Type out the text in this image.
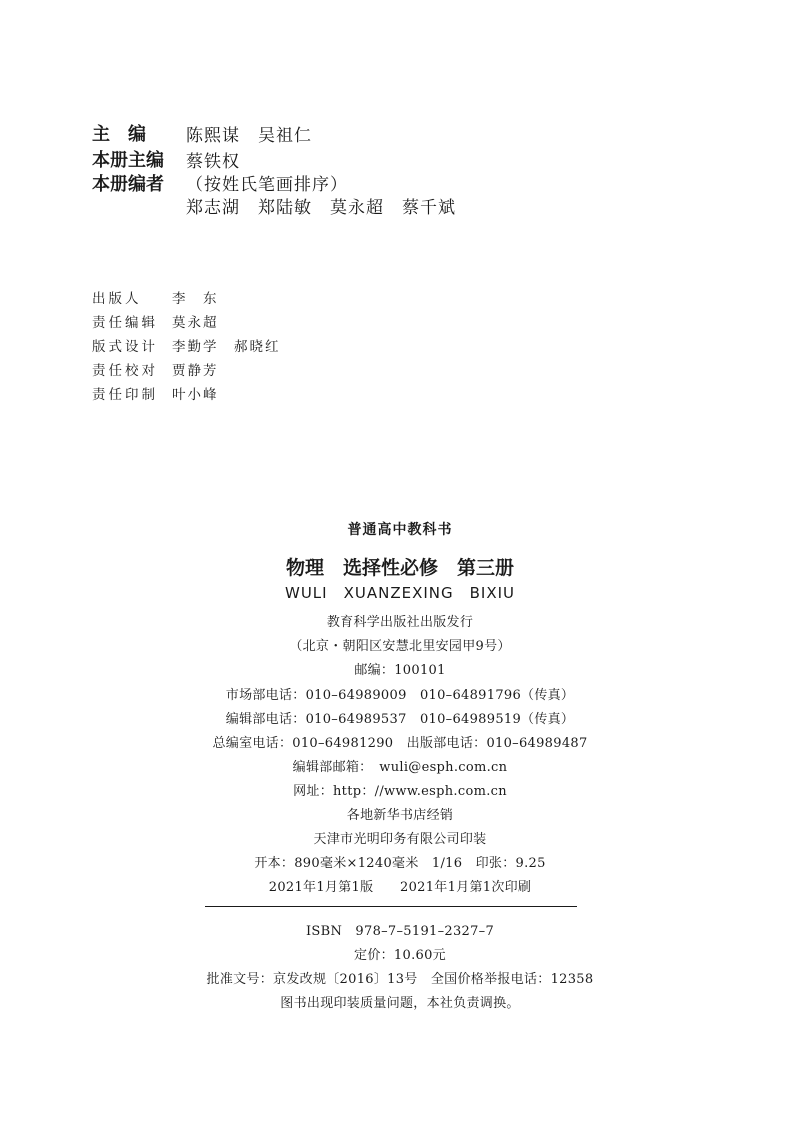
主　编 陈熙谋　吴祖仁
本册主编 蔡铁权
本册编者 （按姓氏笔画排序）
郑志湖　郑陆敏　莫永超　蔡千斌
出版人 李　东
责任编辑 莫永超
版式设计 李勤学　郝晓红
责任校对 贾静芳
责任印制 叶小峰
普通高中教科书
物理　选择性必修　第三册
WULI　XUANZEXING　BIXIU
教育科学出版社出版发行
（北京・朝阳区安慧北里安园甲9号）
邮编：100101
市场部电话：010–64989009　010–64891796（传真）
编辑部电话：010–64989537　010–64989519（传真）
总编室电话：010–64981290　出版部电话：010–64989487
编辑部邮箱：　wuli@esph.com.cn
网址：http：//www.esph.com.cn
各地新华书店经销
天津市光明印务有限公司印装
开本：890毫米×1240毫米　1/16　印张：9.25
2021年1月第1版　　2021年1月第1次印刷
ISBN　978–7–5191–2327–7
定价：10.60元
批准文号：京发改规〔2016〕13号　全国价格举报电话：12358
图书出现印装质量问题，本社负责调换。
